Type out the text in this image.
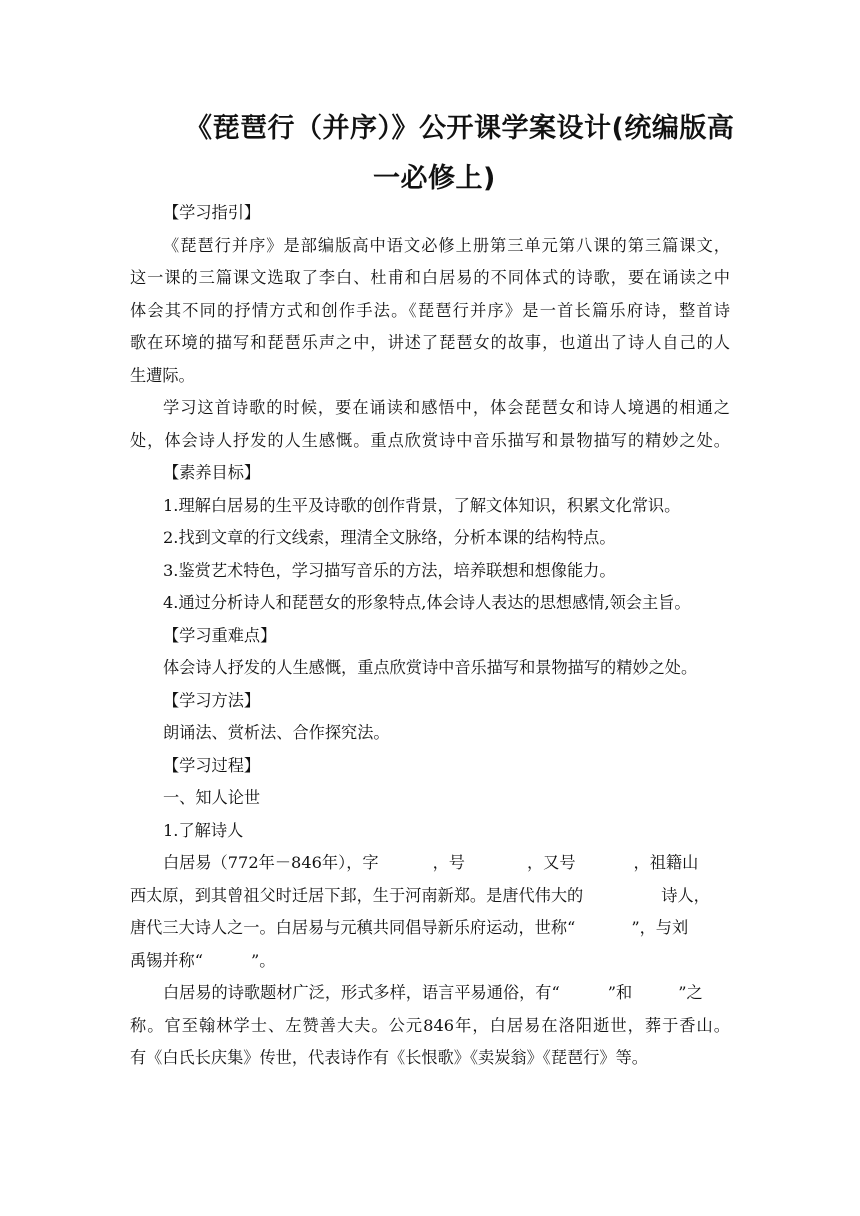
《琵琶行（并序）》公开课学案设计(统编版高
一必修上)
【学习指引】
《琵琶行并序》是部编版高中语文必修上册第三单元第八课的第三篇课文，
这一课的三篇课文选取了李白、杜甫和白居易的不同体式的诗歌，要在诵读之中
体会其不同的抒情方式和创作手法。《琵琶行并序》是一首长篇乐府诗，整首诗
歌在环境的描写和琵琶乐声之中，讲述了琵琶女的故事，也道出了诗人自己的人
生遭际。
学习这首诗歌的时候，要在诵读和感悟中，体会琵琶女和诗人境遇的相通之
处，体会诗人抒发的人生感慨。重点欣赏诗中音乐描写和景物描写的精妙之处。
【素养目标】
1.理解白居易的生平及诗歌的创作背景，了解文体知识，积累文化常识。
2.找到文章的行文线索，理清全文脉络，分析本课的结构特点。
3.鉴赏艺术特色，学习描写音乐的方法，培养联想和想像能力。
4.通过分析诗人和琵琶女的形象特点,体会诗人表达的思想感情,领会主旨。
【学习重难点】
体会诗人抒发的人生感慨，重点欣赏诗中音乐描写和景物描写的精妙之处。
【学习方法】
朗诵法、赏析法、合作探究法。
【学习过程】
一、知人论世
1.了解诗人
白居易（772年－846年），字	，号	，又号	，祖籍山
西太原，到其曾祖父时迁居下邽，生于河南新郑。是唐代伟大的	诗人，
唐代三大诗人之一。白居易与元稹共同倡导新乐府运动，世称“	”，与刘
禹锡并称“	”。
白居易的诗歌题材广泛，形式多样，语言平易通俗，有“	”和	”之
称。官至翰林学士、左赞善大夫。公元846年，白居易在洛阳逝世，葬于香山。
有《白氏长庆集》传世，代表诗作有《长恨歌》《卖炭翁》《琵琶行》等。
